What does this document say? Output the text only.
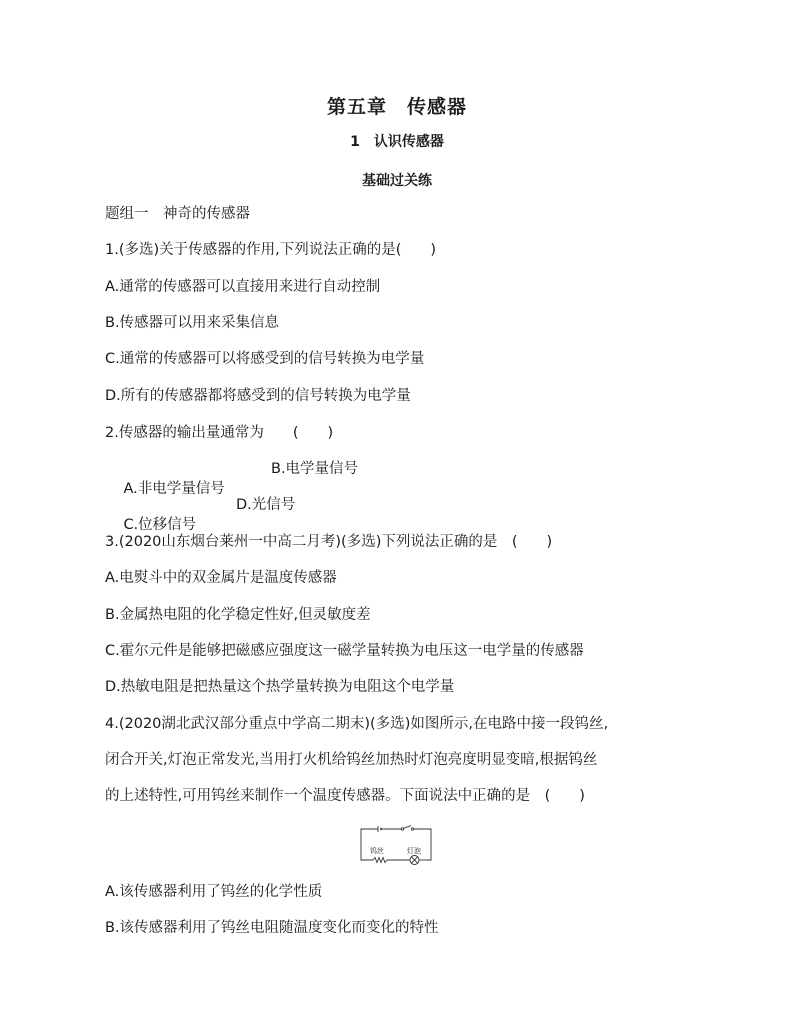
第五章　传感器
1　认识传感器
基础过关练
题组一　神奇的传感器
1.(多选)关于传感器的作用,下列说法正确的是(　　)
A.通常的传感器可以直接用来进行自动控制
B.传感器可以用来采集信息
C.通常的传感器可以将感受到的信号转换为电学量
D.所有的传感器都将感受到的信号转换为电学量
2.传感器的输出量通常为　　(　　)

A.非电学量信号

B.电学量信号

C.位移信号

D.光信号

3.(2020山东烟台莱州一中高二月考)(多选)下列说法正确的是　(　　)
A.电熨斗中的双金属片是温度传感器
B.金属热电阻的化学稳定性好,但灵敏度差
C.霍尔元件是能够把磁感应强度这一磁学量转换为电压这一电学量的传感器
D.热敏电阻是把热量这个热学量转换为电阻这个电学量
4.(2020湖北武汉部分重点中学高二期末)(多选)如图所示,在电路中接一段钨丝,
闭合开关,灯泡正常发光,当用打火机给钨丝加热时灯泡亮度明显变暗,根据钨丝
的上述特性,可用钨丝来制作一个温度传感器。下面说法中正确的是　(　　)
钨丝	灯泡
A.该传感器利用了钨丝的化学性质
B.该传感器利用了钨丝电阻随温度变化而变化的特性
